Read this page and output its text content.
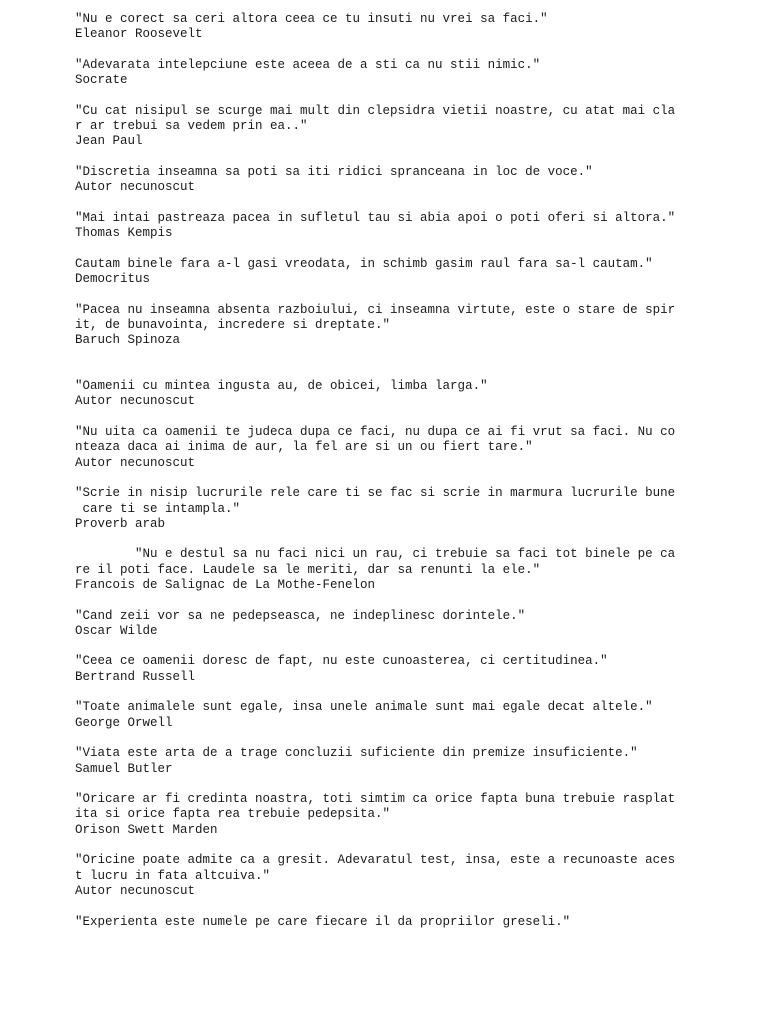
"Nu e corect sa ceri altora ceea ce tu insuti nu vrei sa faci."
Eleanor Roosevelt
"Adevarata intelepciune este aceea de a sti ca nu stii nimic."
Socrate
"Cu cat nisipul se scurge mai mult din clepsidra vietii noastre, cu atat mai cla
r ar trebui sa vedem prin ea.."
Jean Paul
"Discretia inseamna sa poti sa iti ridici spranceana in loc de voce."
Autor necunoscut
"Mai intai pastreaza pacea in sufletul tau si abia apoi o poti oferi si altora."
Thomas Kempis
Cautam binele fara a-l gasi vreodata, in schimb gasim raul fara sa-l cautam."
Democritus
"Pacea nu inseamna absenta razboiului, ci inseamna virtute, este o stare de spir
it, de bunavointa, incredere si dreptate."
Baruch Spinoza
"Oamenii cu mintea ingusta au, de obicei, limba larga."
Autor necunoscut
"Nu uita ca oamenii te judeca dupa ce faci, nu dupa ce ai fi vrut sa faci. Nu co
nteaza daca ai inima de aur, la fel are si un ou fiert tare."
Autor necunoscut
"Scrie in nisip lucrurile rele care ti se fac si scrie in marmura lucrurile bune
care ti se intampla."
Proverb arab
"Nu e destul sa nu faci nici un rau, ci trebuie sa faci tot binele pe ca
re il poti face. Laudele sa le meriti, dar sa renunti la ele."
Francois de Salignac de La Mothe-Fenelon
"Cand zeii vor sa ne pedepseasca, ne indeplinesc dorintele."
Oscar Wilde
"Ceea ce oamenii doresc de fapt, nu este cunoasterea, ci certitudinea."
Bertrand Russell
"Toate animalele sunt egale, insa unele animale sunt mai egale decat altele."
George Orwell
"Viata este arta de a trage concluzii suficiente din premize insuficiente."
Samuel Butler
"Oricare ar fi credinta noastra, toti simtim ca orice fapta buna trebuie rasplat
ita si orice fapta rea trebuie pedepsita."
Orison Swett Marden
"Oricine poate admite ca a gresit. Adevaratul test, insa, este a recunoaste aces
t lucru in fata altcuiva."
Autor necunoscut
"Experienta este numele pe care fiecare il da propriilor greseli."
